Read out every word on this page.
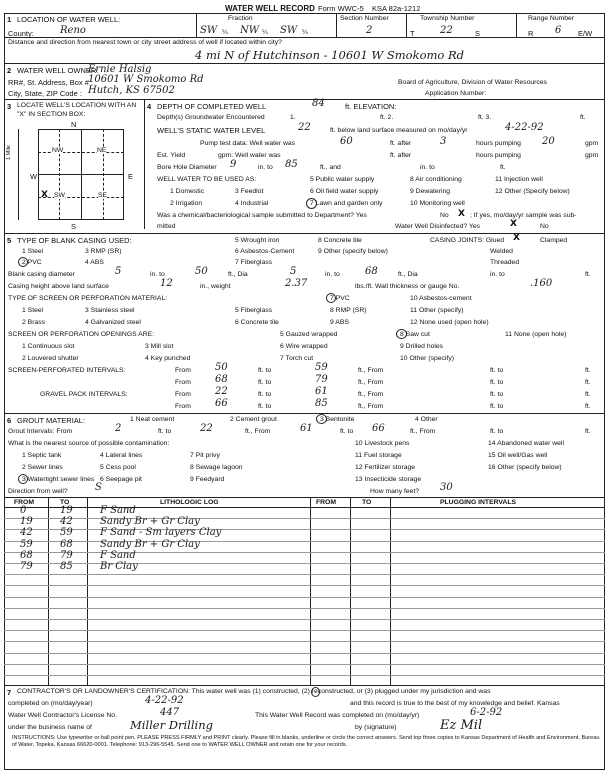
WATER WELL RECORD Form WWC-5 KSA 82a-1212
1 LOCATION OF WATER WELL:	Fraction	Section Number	Township Number	Range Number
County:	Reno	SW ¼ NW ¼ SW ¼	2	T	22	S	R 6 E/W
Distance and direction from nearest town or city street address of well if located within city?
4 mi N of Hutchinson - 10601 W Smokomo Rd
2 WATER WELL OWNER:
Ernie Halsig
RR#, St. Address, Box # :
10601 W Smokomo Rd
City, State, ZIP Code : Hutch, KS 67502
Board of Agriculture, Division of Water Resources
Application Number:
3 LOCATE WELL'S LOCATION WITH AN "X" IN SECTION BOX:
N
S
W	E
NW	NE
SW	SE
X
1 Mile
4 DEPTH OF COMPLETED WELL	84	ft. ELEVATION:
Depth(s) Groundwater Encountered	1.	ft. 2.	ft. 3.	ft.
WELL'S STATIC WATER LEVEL	22	ft. below land surface measured on mo/day/yr	4-22-92
Pump test data: Well water was	60	ft. after	3	hours pumping 20	gpm
Est. Yield	gpm: Well water was	ft. after	hours pumping	gpm
Bore Hole Diameter 9	in. to 85	ft., and	in. to	ft.
WELL WATER TO BE USED AS:	5 Public water supply	8 Air conditioning	11 Injection well
1 Domestic	3 Feedlot	6 Oil field water supply	9 Dewatering	12 Other (Specify below)
2 Irrigation	4 Industrial	7 Lawn and garden only	10 Monitoring well
Was a chemical/bacteriological sample submitted to Department? Yes	No X ; If yes, mo/day/yr sample was sub-
mitted	Water Well Disinfected? Yes	X	No
5 TYPE OF BLANK CASING USED:
1 Steel	3 RMP (SR)
5 Wrought iron	8 Concrete tile
2 PVC	4 ABS
6 Asbestos-Cement	9 Other (specify below)
7 Fiberglass
CASING JOINTS: Glued X	Clamped
Welded
Threaded
Blank casing diameter	5	in. to	50	ft., Dia	5	in. to	68	ft., Dia	in. to	ft.
Casing height above land surface	12	in., weight	2.37	lbs./ft. Wall thickness or gauge No.	.160
TYPE OF SCREEN OR PERFORATION MATERIAL:	7 PVC	10 Asbestos-cement
1 Steel	3 Stainless steel	5 Fiberglass	8 RMP (SR)	11 Other (specify)
2 Brass	4 Galvanized steel	6 Concrete tile	9 ABS	12 None used (open hole)
SCREEN OR PERFORATION OPENINGS ARE:	5 Gauzed wrapped	8 Saw cut	11 None (open hole)
1 Continuous slot	3 Mill slot	6 Wire wrapped	9 Drilled holes
2 Louvered shutter	4 Key punched	7 Torch cut	10 Other (specify)
SCREEN-PERFORATED INTERVALS:	From 50	ft. to	59	ft., From	ft. to	ft.
From 68	ft. to	79	ft., From	ft. to	ft.
GRAVEL PACK INTERVALS:	From 22	ft. to	61	ft., From	ft. to	ft.
From 66	ft. to	85	ft., From	ft. to	ft.
6 GROUT MATERIAL:	1 Neat cement	2 Cement grout	3 Bentonite	4 Other
Grout Intervals: From	2	ft. to	22	ft., From	61	ft. to 66	ft., From	ft. to	ft.
What is the nearest source of possible contamination:	10 Livestock pens	14 Abandoned water well
1 Septic tank	4 Lateral lines	7 Pit privy	11 Fuel storage	15 Oil well/Gas well
2 Sewer lines	5 Cess pool	8 Sewage lagoon	12 Fertilizer storage	16 Other (specify below)
3 Watertight sewer lines 6 Seepage pit	9 Feedyard	13 Insecticide storage
Direction from well?	S	How many feet? 30
FROM	TO	LITHOLOGIC LOG	FROM	TO	PLUGGING INTERVALS
0	19	F Sand
19	42	Sandy Br + Gr Clay
42	59	F Sand - Sm layers Clay
59	68	Sandy Br + Gr Clay
68	79	F Sand
79	85	Br Clay
7 CONTRACTOR'S OR LANDOWNER'S CERTIFICATION: This water well was (1) constructed, (2) reconstructed, or (3) plugged under my jurisdiction and was
completed on (mo/day/year)	4-22-92	and this record is true to the best of my knowledge and belief. Kansas
Water Well Contractor's License No.	447	This Water Well Record was completed on (mo/day/yr)	6-2-92
under the business name of	Miller Drilling	by (signature)	Ez Mil
INSTRUCTIONS: Use typewriter or ball point pen. PLEASE PRESS FIRMLY and PRINT clearly. Please fill in blanks, underline or circle the correct answers. Send top three copies to Kansas Department of Health and Environment, Bureau of Water, Topeka, Kansas 66620-0001. Telephone: 913-296-5545. Send one to WATER WELL OWNER and retain one for your records.
